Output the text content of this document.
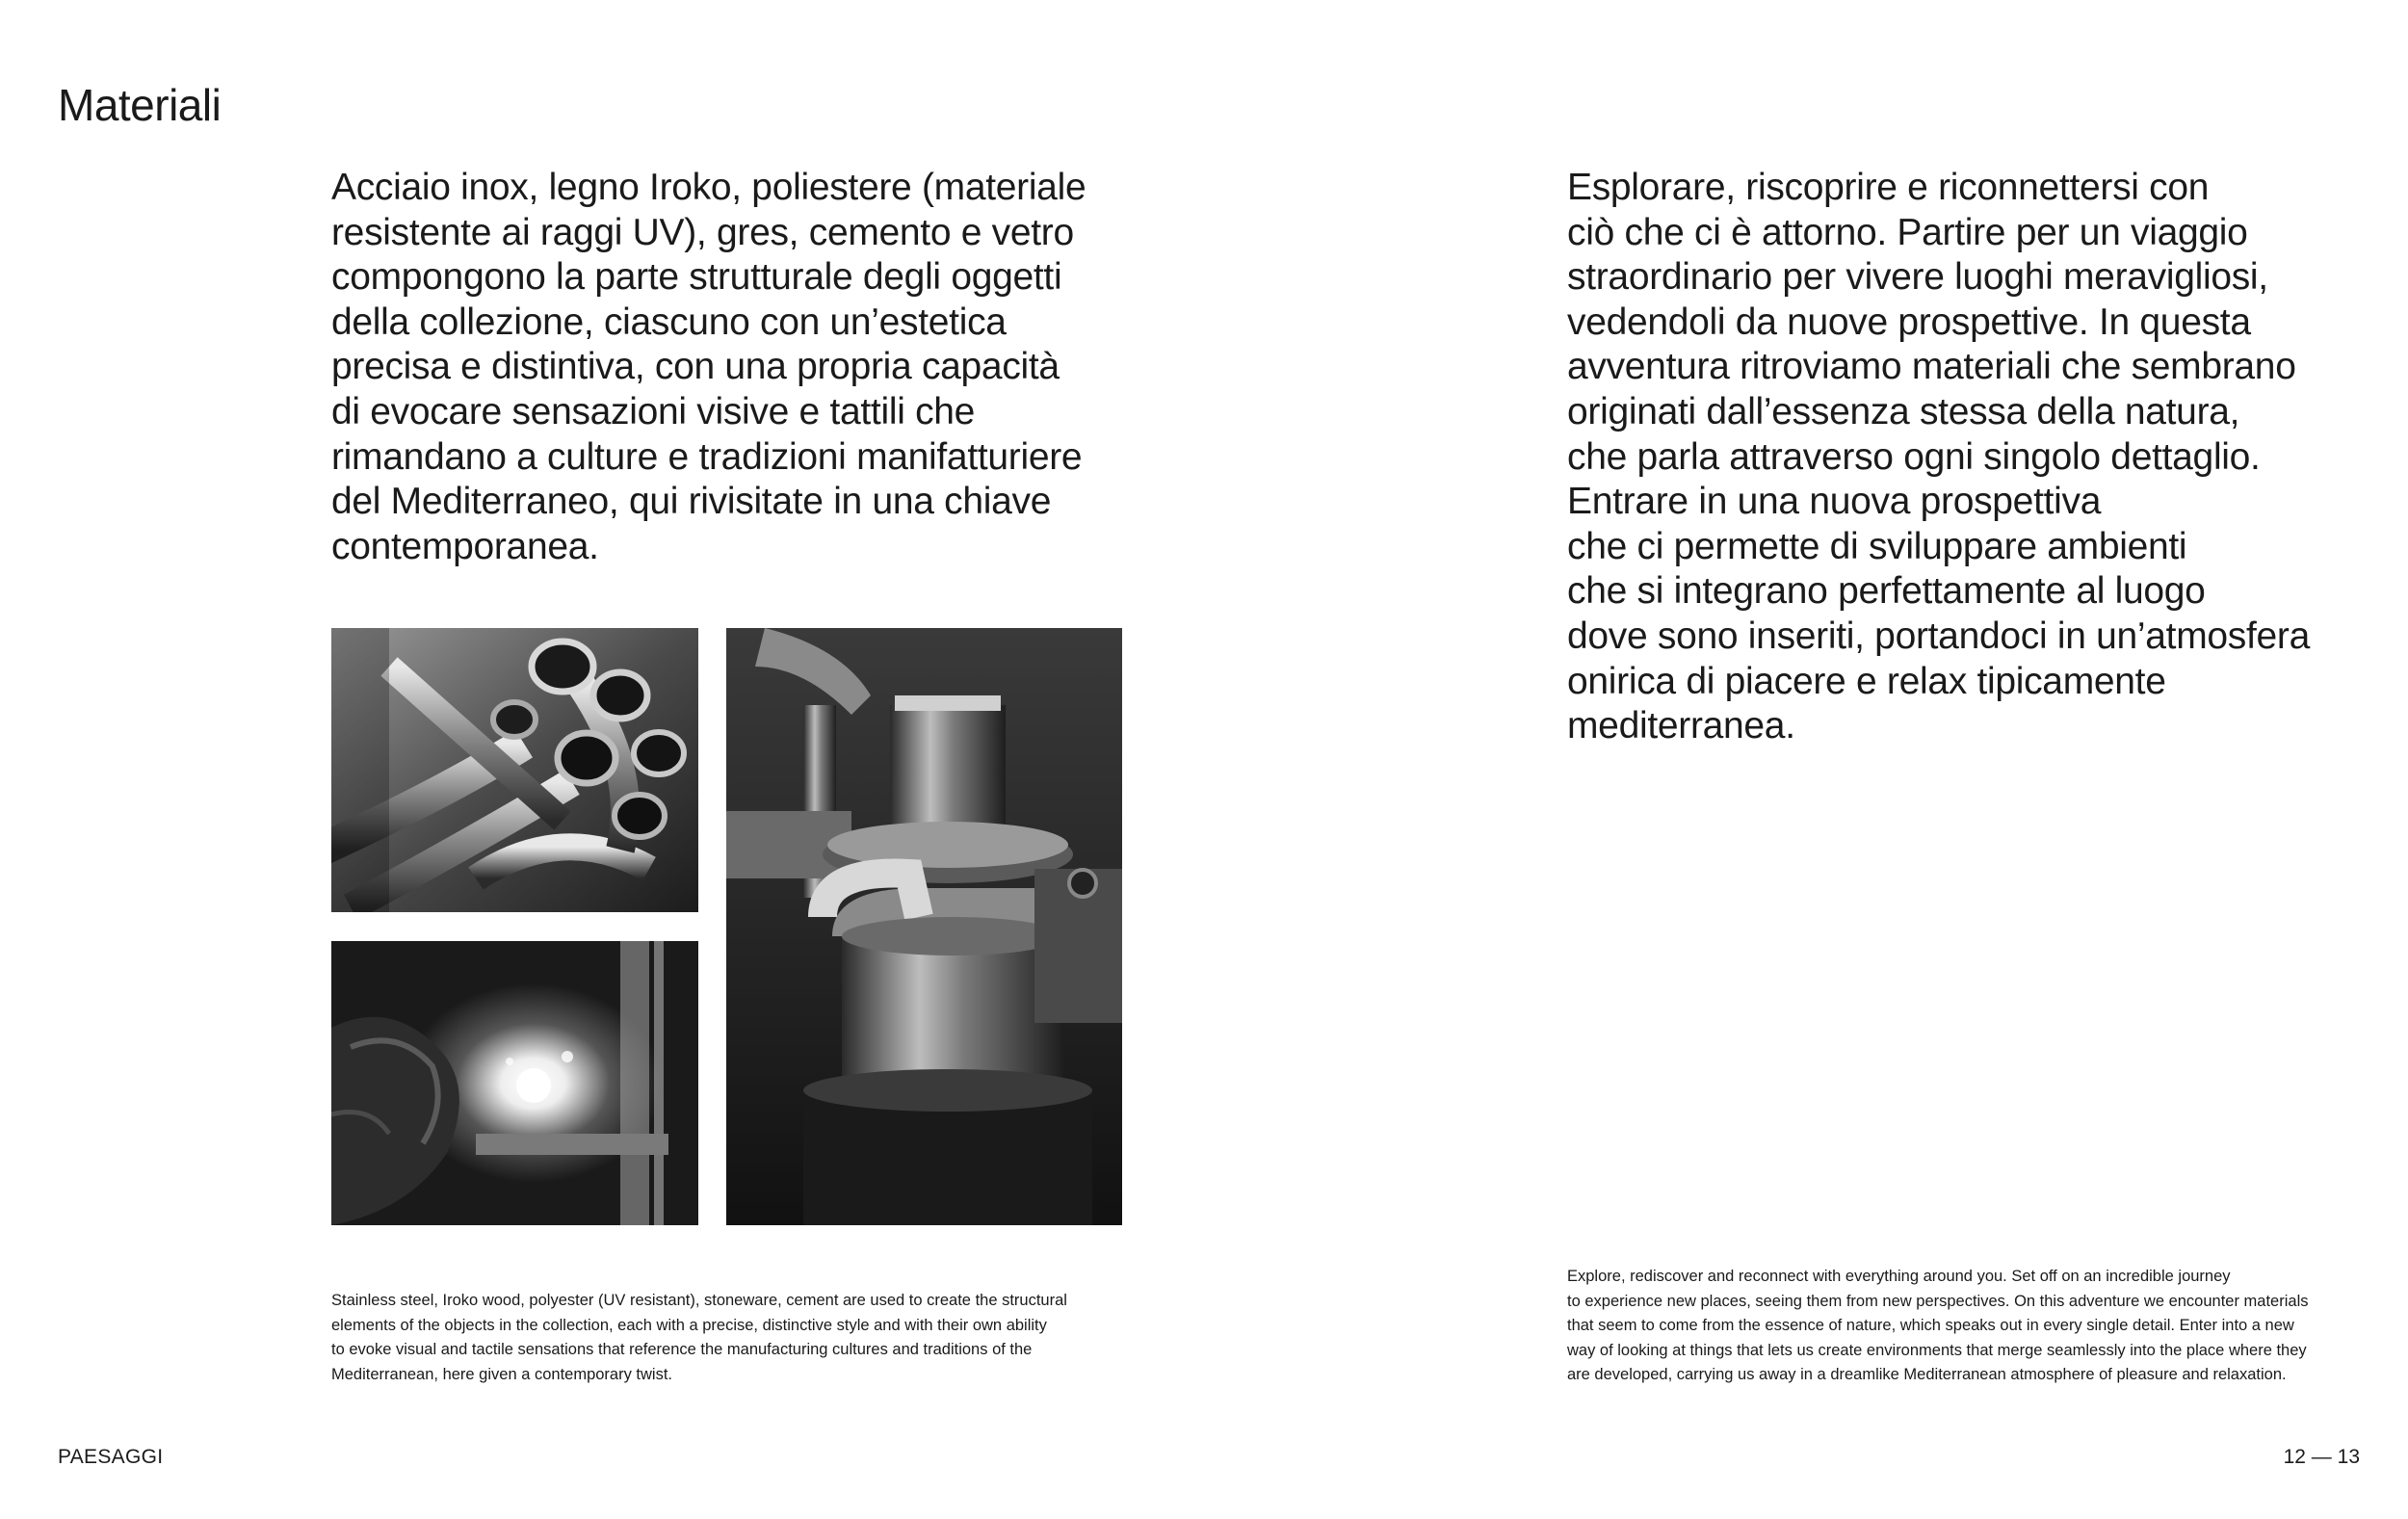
Materiali

Acciaio inox, legno Iroko, poliestere (materiale
resistente ai raggi UV), gres, cemento e vetro
compongono la parte strutturale degli oggetti
della collezione, ciascuno con un’estetica
precisa e distintiva, con una propria capacità
di evocare sensazioni visive e tattili che
rimandano a culture e tradizioni manifatturiere
del Mediterraneo, qui rivisitate in una chiave
contemporanea.

Esplorare, riscoprire e riconnettersi con
ciò che ci è attorno. Partire per un viaggio
straordinario per vivere luoghi meravigliosi,
vedendoli da nuove prospettive. In questa
avventura ritroviamo materiali che sembrano
originati dall’essenza stessa della natura,
che parla attraverso ogni singolo dettaglio.
Entrare in una nuova prospettiva
che ci permette di sviluppare ambienti
che si integrano perfettamente al luogo
dove sono inseriti, portandoci in un’atmosfera
onirica di piacere e relax tipicamente
mediterranea.

Stainless steel, Iroko wood, polyester (UV resistant), stoneware, cement are used to create the structural
elements of the objects in the collection, each with a precise, distinctive style and with their own ability
to evoke visual and tactile sensations that reference the manufacturing cultures and traditions of the
Mediterranean, here given a contemporary twist.

Explore, rediscover and reconnect with everything around you. Set off on an incredible journey
to experience new places, seeing them from new perspectives. On this adventure we encounter materials
that seem to come from the essence of nature, which speaks out in every single detail. Enter into a new
way of looking at things that lets us create environments that merge seamlessly into the place where they
are developed, carrying us away in a dreamlike Mediterranean atmosphere of pleasure and relaxation.

PAESAGGI	12 — 13
